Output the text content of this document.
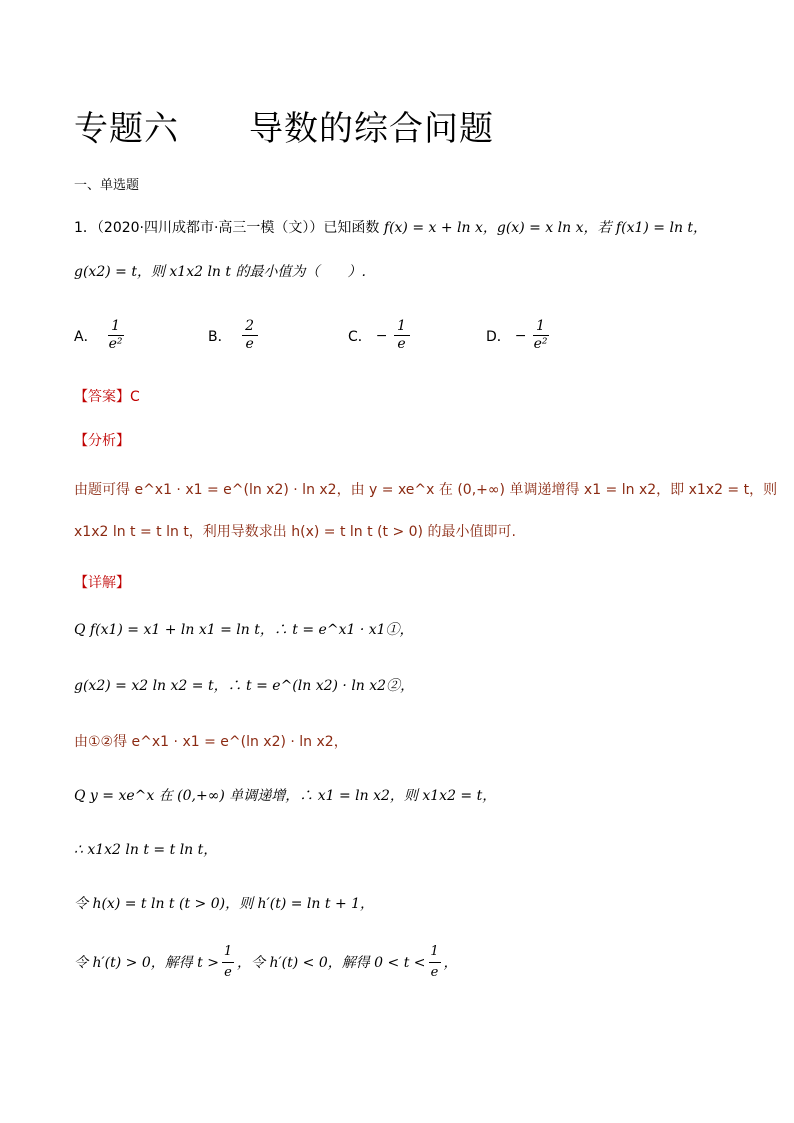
专题六　　导数的综合问题
一、单选题
1．（2020·四川成都市·高三一模（文））已知函数 f(x) = x + ln x，g(x) = x ln x，若 f(x1) = ln t，
g(x2) = t，则 x1x2 ln t 的最小值为（　　）.
A． $\frac{1}{\text{e²}}$	B． $\frac{2}{e}$	C． − $\frac{1}{e}$	D． − $\frac{1}{\text{e²}}$
【答案】C
【分析】
由题可得 e^x1 · x1 = e^(ln x2) · ln x2，由 y = xe^x 在 (0,+∞) 单调递增得 x1 = ln x2，即 x1x2 = t，则
x1x2 ln t = t ln t，利用导数求出 h(x) = t ln t (t > 0) 的最小值即可.
【详解】
Q f(x1) = x1 + ln x1 = ln t，∴ t = e^x1 · x1①，
g(x2) = x2 ln x2 = t，∴ t = e^(ln x2) · ln x2②，
由①②得 e^x1 · x1 = e^(ln x2) · ln x2，
Q y = xe^x 在 (0,+∞) 单调递增，∴ x1 = ln x2，则 x1x2 = t，
∴ x1x2 ln t = t ln t，
令 h(x) = t ln t (t > 0)，则 h′(t) = ln t + 1，
令 h′(t) > 0，解得 $t > \frac{1}{e}$ ，令 h′(t) < 0，解得 $0 < t < \frac{1}{e}$ ，
